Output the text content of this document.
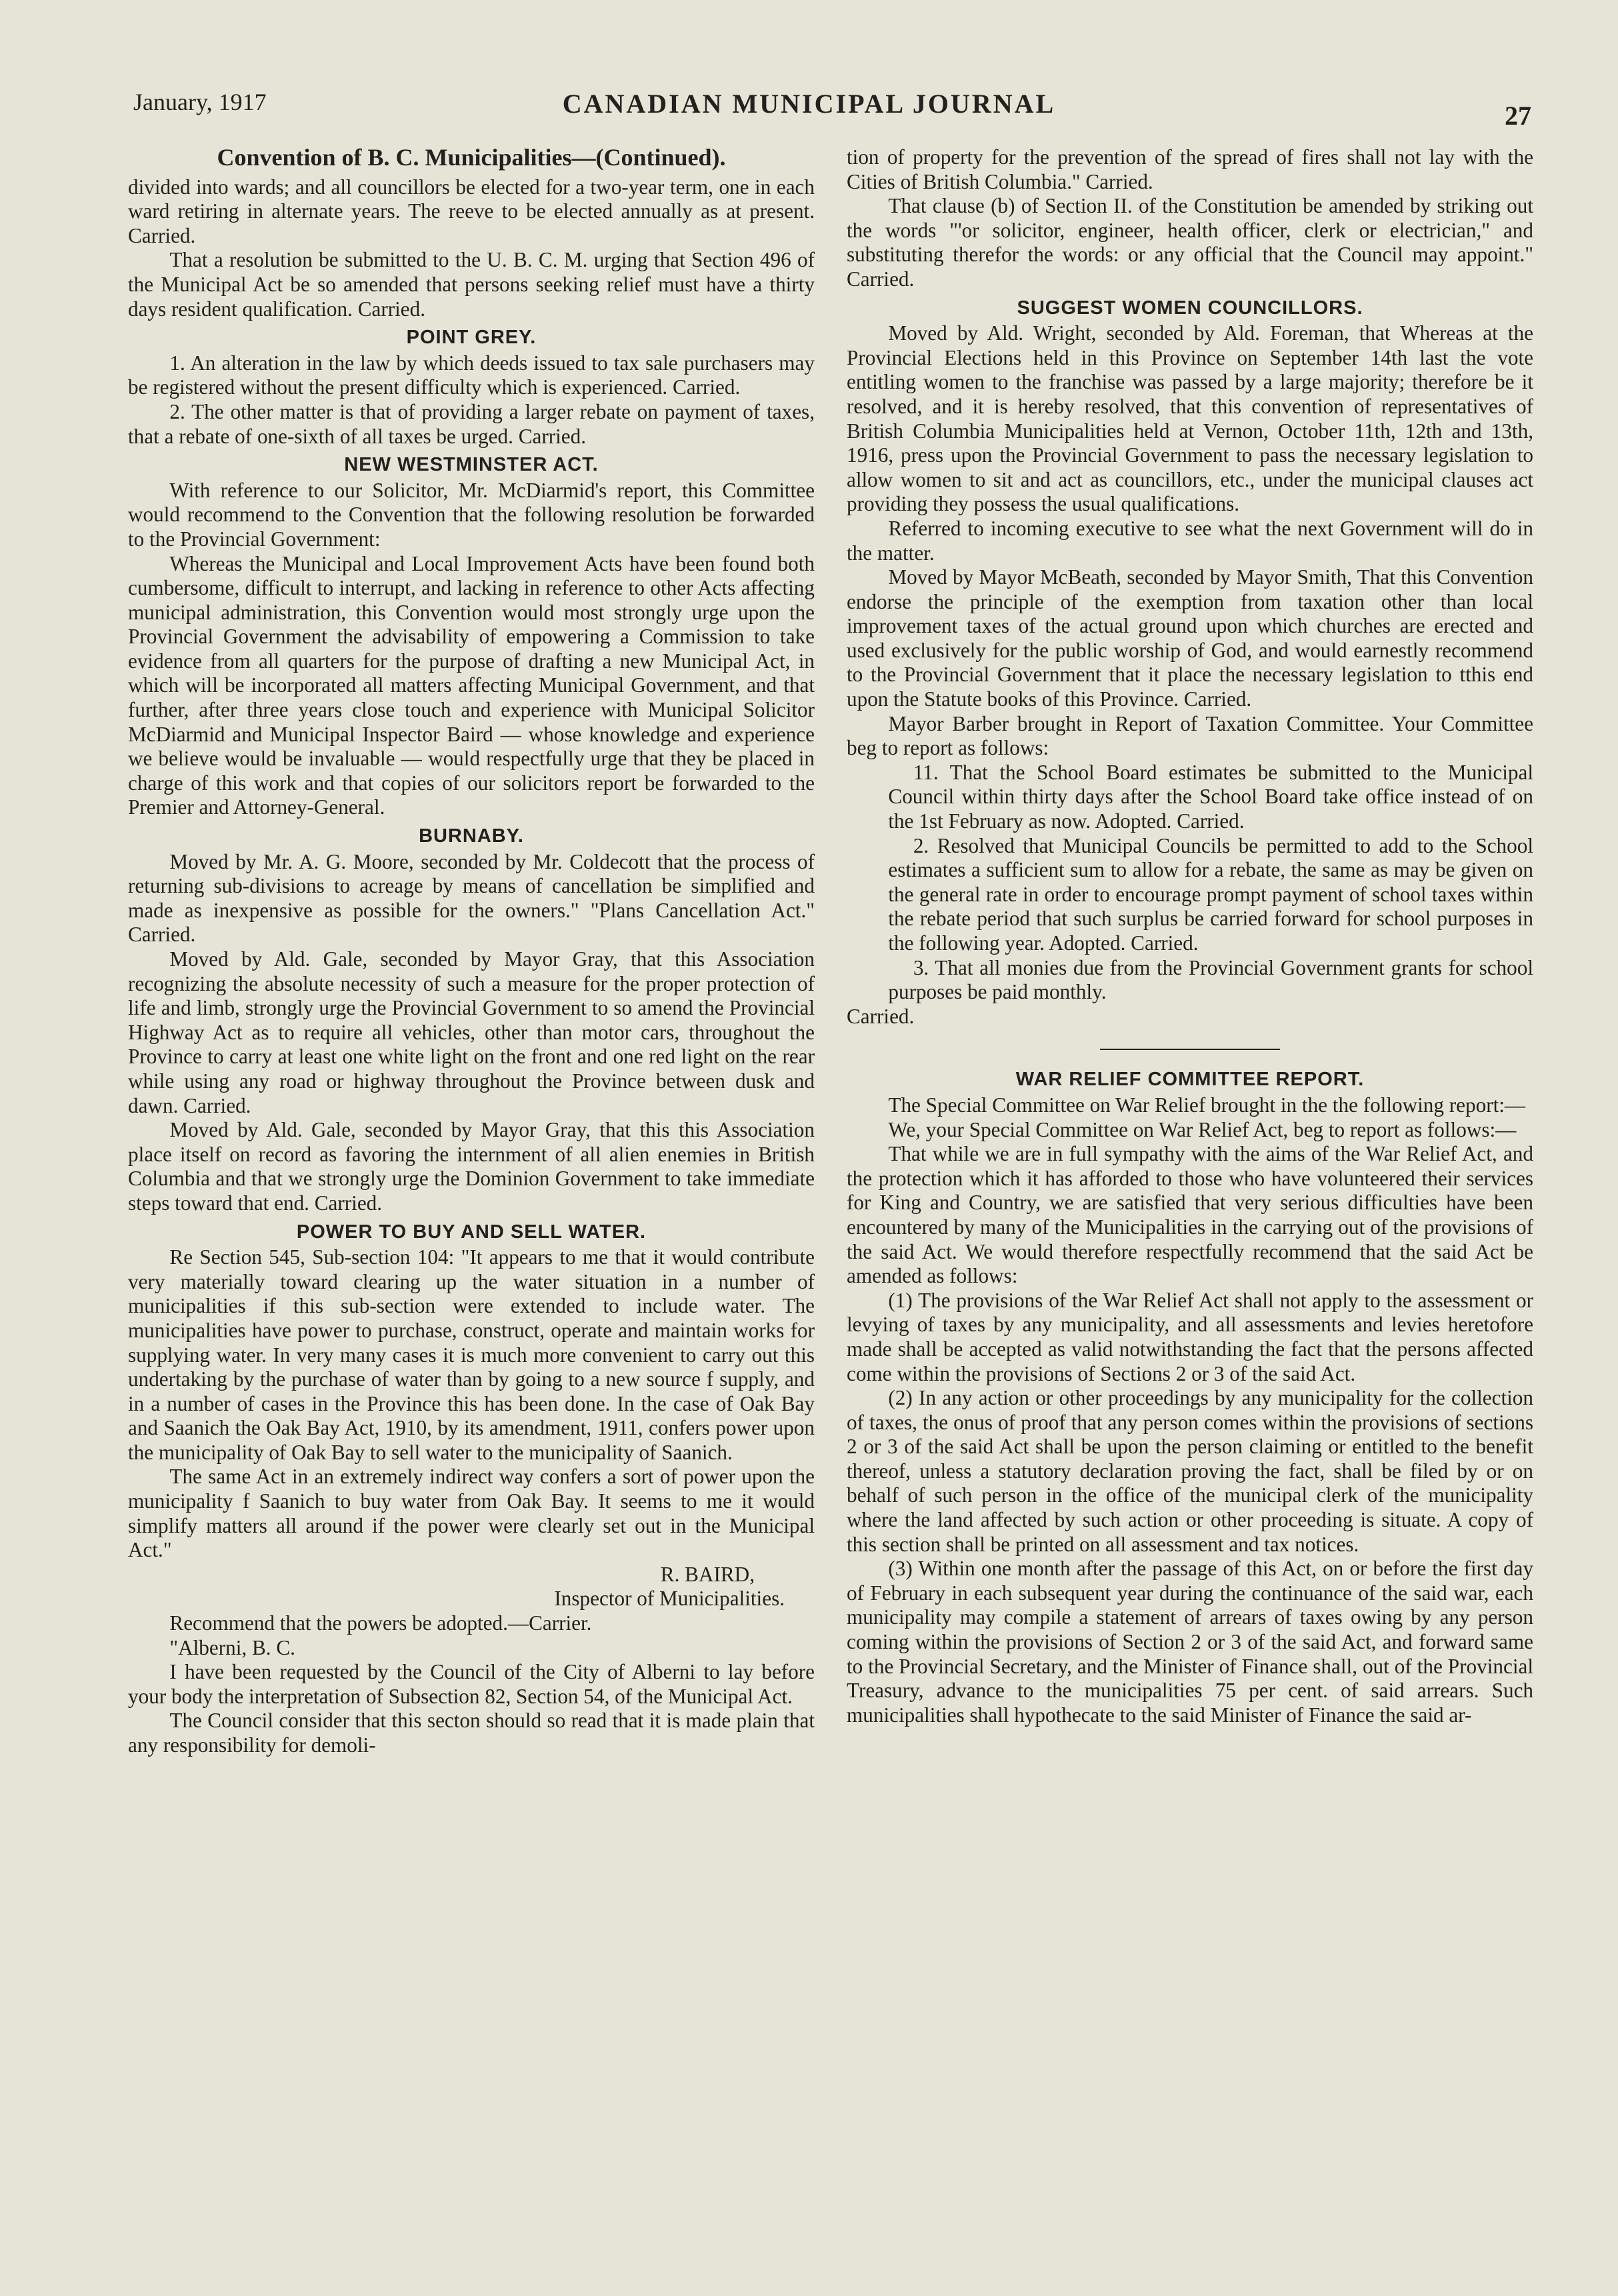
January, 1917	CANADIAN MUNICIPAL JOURNAL	27
Convention of B. C. Municipalities—(Continued).

divided into wards; and all councillors be elected for a two-year term, one in each ward retiring in alternate years. The reeve to be elected annually as at present. Carried.

That a resolution be submitted to the U. B. C. M. urging that Section 496 of the Municipal Act be so amended that persons seeking relief must have a thirty days resident qualification. Carried.

POINT GREY.

1. An alteration in the law by which deeds issued to tax sale purchasers may be registered without the present difficulty which is experienced. Carried.

2. The other matter is that of providing a larger rebate on payment of taxes, that a rebate of one-sixth of all taxes be urged. Carried.

NEW WESTMINSTER ACT.

With reference to our Solicitor, Mr. McDiarmid's report, this Committee would recommend to the Convention that the following resolution be forwarded to the Provincial Government:

Whereas the Municipal and Local Improvement Acts have been found both cumbersome, difficult to interrupt, and lacking in reference to other Acts affecting municipal administration, this Convention would most strongly urge upon the Provincial Government the advisability of empowering a Commission to take evidence from all quarters for the purpose of drafting a new Municipal Act, in which will be incorporated all matters affecting Municipal Government, and that further, after three years close touch and experience with Municipal Solicitor McDiarmid and Municipal Inspector Baird — whose knowledge and experience we believe would be invaluable — would respectfully urge that they be placed in charge of this work and that copies of our solicitors report be forwarded to the Premier and Attorney-General.

BURNABY.

Moved by Mr. A. G. Moore, seconded by Mr. Coldecott that the process of returning sub-divisions to acreage by means of cancellation be simplified and made as inexpensive as possible for the owners." "Plans Cancellation Act." Carried.

Moved by Ald. Gale, seconded by Mayor Gray, that this Association recognizing the absolute necessity of such a measure for the proper protection of life and limb, strongly urge the Provincial Government to so amend the Provincial Highway Act as to require all vehicles, other than motor cars, throughout the Province to carry at least one white light on the front and one red light on the rear while using any road or highway throughout the Province between dusk and dawn. Carried.

Moved by Ald. Gale, seconded by Mayor Gray, that this this Association place itself on record as favoring the internment of all alien enemies in British Columbia and that we strongly urge the Dominion Government to take immediate steps toward that end. Carried.

POWER TO BUY AND SELL WATER.

Re Section 545, Sub-section 104: "It appears to me that it would contribute very materially toward clearing up the water situation in a number of municipalities if this sub-section were extended to include water. The municipalities have power to purchase, construct, operate and maintain works for supplying water. In very many cases it is much more convenient to carry out this undertaking by the purchase of water than by going to a new source f supply, and in a number of cases in the Province this has been done. In the case of Oak Bay and Saanich the Oak Bay Act, 1910, by its amendment, 1911, confers power upon the municipality of Oak Bay to sell water to the municipality of Saanich.

The same Act in an extremely indirect way confers a sort of power upon the municipality f Saanich to buy water from Oak Bay. It seems to me it would simplify matters all around if the power were clearly set out in the Municipal Act."

R. BAIRD,

Inspector of Municipalities.

Recommend that the powers be adopted.—Carrier.

"Alberni, B. C.

I have been requested by the Council of the City of Alberni to lay before your body the interpretation of Subsection 82, Section 54, of the Municipal Act.

The Council consider that this secton should so read that it is made plain that any responsibility for demoli-

tion of property for the prevention of the spread of fires shall not lay with the Cities of British Columbia." Carried.

That clause (b) of Section II. of the Constitution be amended by striking out the words "'or solicitor, engineer, health officer, clerk or electrician," and substituting therefor the words: or any official that the Council may appoint." Carried.

SUGGEST WOMEN COUNCILLORS.

Moved by Ald. Wright, seconded by Ald. Foreman, that Whereas at the Provincial Elections held in this Province on September 14th last the vote entitling women to the franchise was passed by a large majority; therefore be it resolved, and it is hereby resolved, that this convention of representatives of British Columbia Municipalities held at Vernon, October 11th, 12th and 13th, 1916, press upon the Provincial Government to pass the necessary legislation to allow women to sit and act as councillors, etc., under the municipal clauses act providing they possess the usual qualifications.

Referred to incoming executive to see what the next Government will do in the matter.

Moved by Mayor McBeath, seconded by Mayor Smith, That this Convention endorse the principle of the exemption from taxation other than local improvement taxes of the actual ground upon which churches are erected and used exclusively for the public worship of God, and would earnestly recommend to the Provincial Government that it place the necessary legislation to tthis end upon the Statute books of this Province. Carried.

Mayor Barber brought in Report of Taxation Committee. Your Committee beg to report as follows:

11. That the School Board estimates be submitted to the Municipal Council within thirty days after the School Board take office instead of on the 1st February as now. Adopted. Carried.

2. Resolved that Municipal Councils be permitted to add to the School estimates a sufficient sum to allow for a rebate, the same as may be given on the general rate in order to encourage prompt payment of school taxes within the rebate period that such surplus be carried forward for school purposes in the following year. Adopted. Carried.

3. That all monies due from the Provincial Government grants for school purposes be paid monthly.

Carried.

WAR RELIEF COMMITTEE REPORT.

The Special Committee on War Relief brought in the the following report:—

We, your Special Committee on War Relief Act, beg to report as follows:—

That while we are in full sympathy with the aims of the War Relief Act, and the protection which it has afforded to those who have volunteered their services for King and Country, we are satisfied that very serious difficulties have been encountered by many of the Municipalities in the carrying out of the provisions of the said Act. We would therefore respectfully recommend that the said Act be amended as follows:

(1) The provisions of the War Relief Act shall not apply to the assessment or levying of taxes by any municipality, and all assessments and levies heretofore made shall be accepted as valid notwithstanding the fact that the persons affected come within the provisions of Sections 2 or 3 of the said Act.

(2) In any action or other proceedings by any municipality for the collection of taxes, the onus of proof that any person comes within the provisions of sections 2 or 3 of the said Act shall be upon the person claiming or entitled to the benefit thereof, unless a statutory declaration proving the fact, shall be filed by or on behalf of such person in the office of the municipal clerk of the municipality where the land affected by such action or other proceeding is situate. A copy of this section shall be printed on all assessment and tax notices.

(3) Within one month after the passage of this Act, on or before the first day of February in each subsequent year during the continuance of the said war, each municipality may compile a statement of arrears of taxes owing by any person coming within the provisions of Section 2 or 3 of the said Act, and forward same to the Provincial Secretary, and the Minister of Finance shall, out of the Provincial Treasury, advance to the municipalities 75 per cent. of said arrears. Such municipalities shall hypothecate to the said Minister of Finance the said ar-
